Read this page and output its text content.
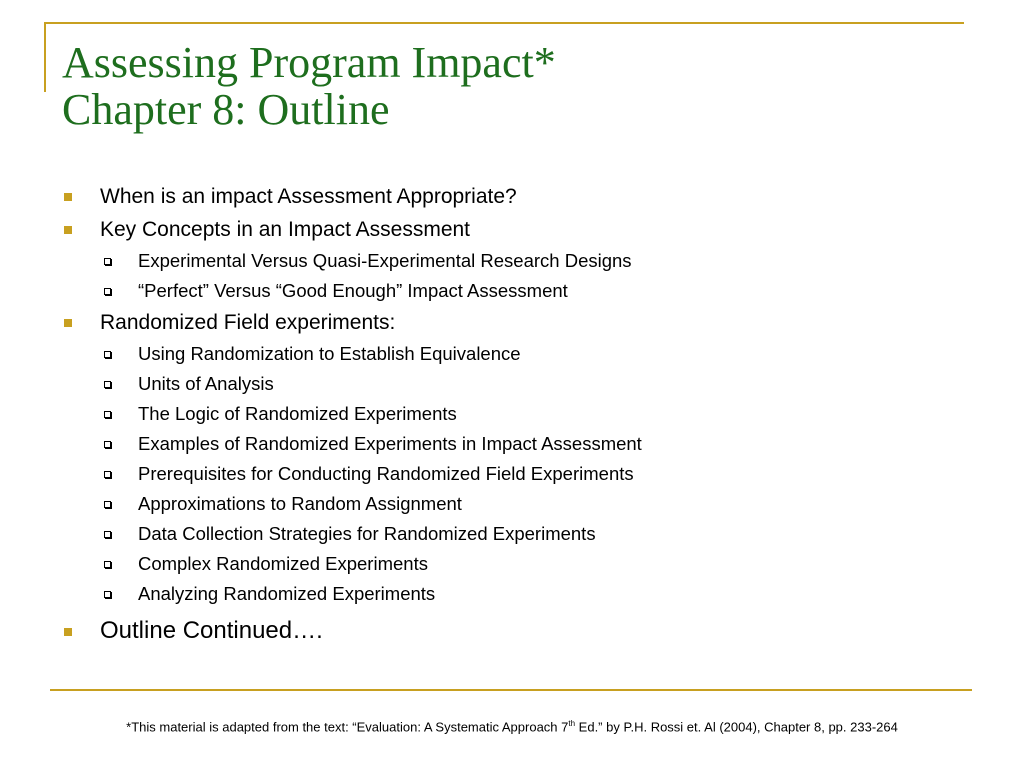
Assessing Program Impact*
Chapter 8: Outline
When is an impact Assessment Appropriate?
Key Concepts in an Impact Assessment
Experimental Versus Quasi-Experimental Research Designs
“Perfect” Versus “Good Enough” Impact Assessment
Randomized Field experiments:
Using Randomization to Establish Equivalence
Units of Analysis
The Logic of Randomized Experiments
Examples of Randomized Experiments in Impact Assessment
Prerequisites for Conducting Randomized Field Experiments
Approximations to Random Assignment
Data Collection Strategies for Randomized Experiments
Complex Randomized Experiments
Analyzing Randomized Experiments
Outline Continued….
*This material is adapted from the text: “Evaluation: A Systematic Approach 7th Ed.” by P.H. Rossi et. Al (2004), Chapter 8, pp. 233-264
